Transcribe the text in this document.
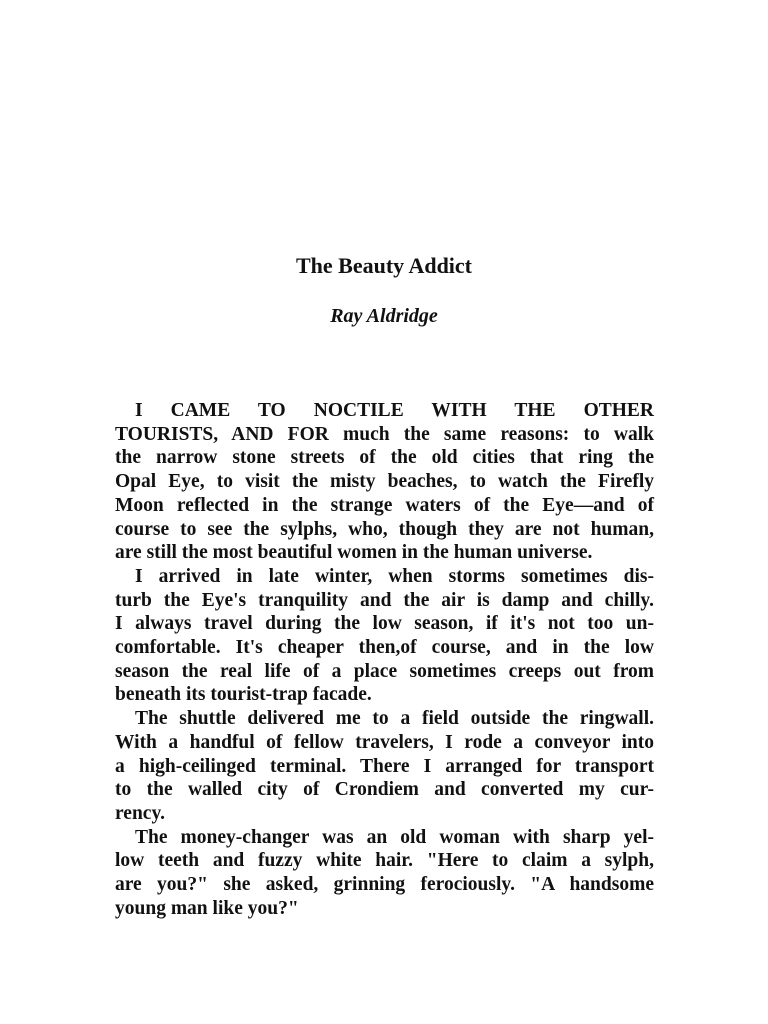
The Beauty Addict
Ray Aldridge
I CAME TO NOCTILE WITH THE OTHER
TOURISTS, AND FOR much the same reasons: to walk
the narrow stone streets of the old cities that ring the
Opal Eye, to visit the misty beaches, to watch the Firefly
Moon reflected in the strange waters of the Eye—and of
course to see the sylphs, who, though they are not human,
are still the most beautiful women in the human universe.
I arrived in late winter, when storms sometimes dis-
turb the Eye's tranquility and the air is damp and chilly.
I always travel during the low season, if it's not too un-
comfortable. It's cheaper then,of course, and in the low
season the real life of a place sometimes creeps out from
beneath its tourist-trap facade.
The shuttle delivered me to a field outside the ringwall.
With a handful of fellow travelers, I rode a conveyor into
a high-ceilinged terminal. There I arranged for transport
to the walled city of Crondiem and converted my cur-
rency.
The money-changer was an old woman with sharp yel-
low teeth and fuzzy white hair. "Here to claim a sylph,
are you?" she asked, grinning ferociously. "A handsome
young man like you?"
